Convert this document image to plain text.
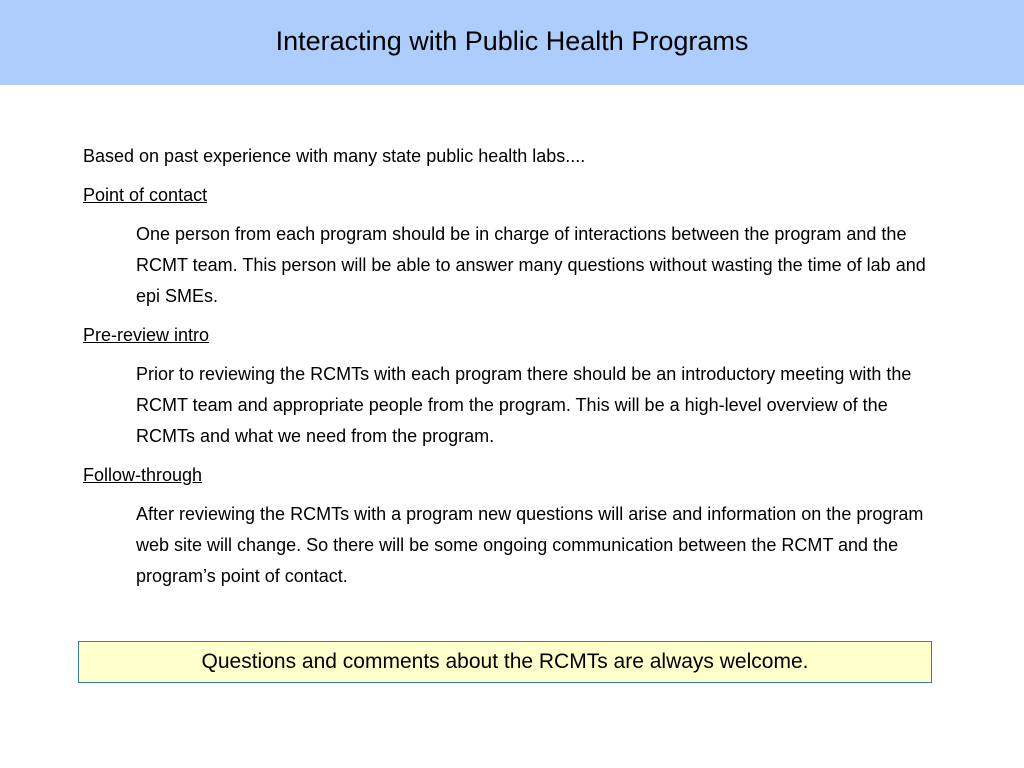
Interacting with Public Health Programs

Based on past experience with many state public health labs....

Point of contact

One person from each program should be in charge of interactions between the program and the RCMT team. This person will be able to answer many questions without wasting the time of lab and epi SMEs.

Pre-review intro

Prior to reviewing the RCMTs with each program there should be an introductory meeting with the RCMT team and appropriate people from the program. This will be a high-level overview of the RCMTs and what we need from the program.

Follow-through

After reviewing the RCMTs with a program new questions will arise and information on the program web site will change. So there will be some ongoing communication between the RCMT and the program’s point of contact.

Questions and comments about the RCMTs are always welcome.
